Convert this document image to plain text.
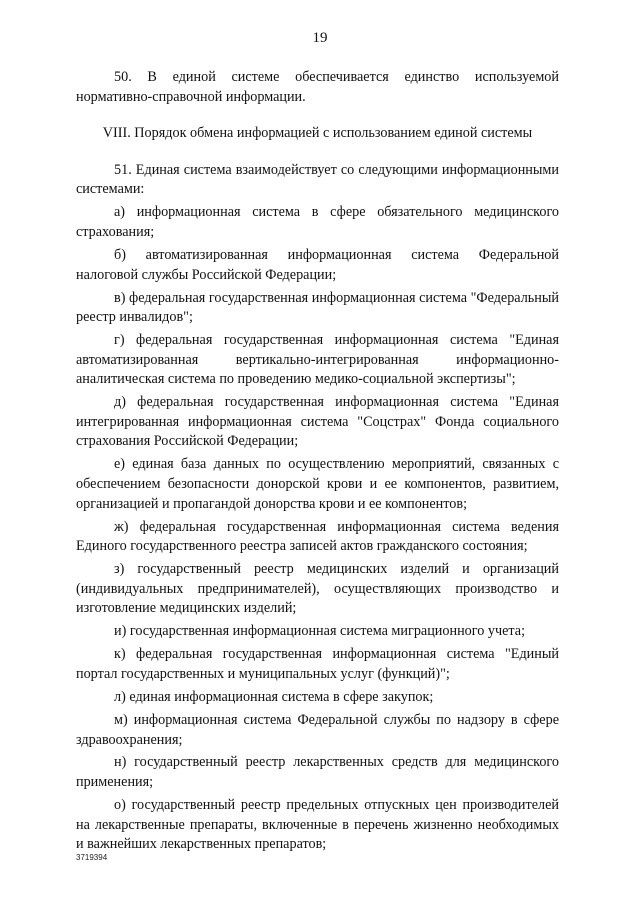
19

50. В единой системе обеспечивается единство используемой нормативно-справочной информации.

VIII. Порядок обмена информацией с использованием единой системы

51. Единая система взаимодействует со следующими информационными системами:

а) информационная система в сфере обязательного медицинского страхования;

б) автоматизированная информационная система Федеральной налоговой службы Российской Федерации;

в) федеральная государственная информационная система "Федеральный реестр инвалидов";

г) федеральная государственная информационная система "Единая автоматизированная вертикально-интегрированная информационно-аналитическая система по проведению медико-социальной экспертизы";

д) федеральная государственная информационная система "Единая интегрированная информационная система "Соцстрах" Фонда социального страхования Российской Федерации;

е) единая база данных по осуществлению мероприятий, связанных с обеспечением безопасности донорской крови и ее компонентов, развитием, организацией и пропагандой донорства крови и ее компонентов;

ж) федеральная государственная информационная система ведения Единого государственного реестра записей актов гражданского состояния;

з) государственный реестр медицинских изделий и организаций (индивидуальных предпринимателей), осуществляющих производство и изготовление медицинских изделий;

и) государственная информационная система миграционного учета;

к) федеральная государственная информационная система "Единый портал государственных и муниципальных услуг (функций)";

л) единая информационная система в сфере закупок;

м) информационная система Федеральной службы по надзору в сфере здравоохранения;

н) государственный реестр лекарственных средств для медицинского применения;

о) государственный реестр предельных отпускных цен производителей на лекарственные препараты, включенные в перечень жизненно необходимых и важнейших лекарственных препаратов;

3719394
